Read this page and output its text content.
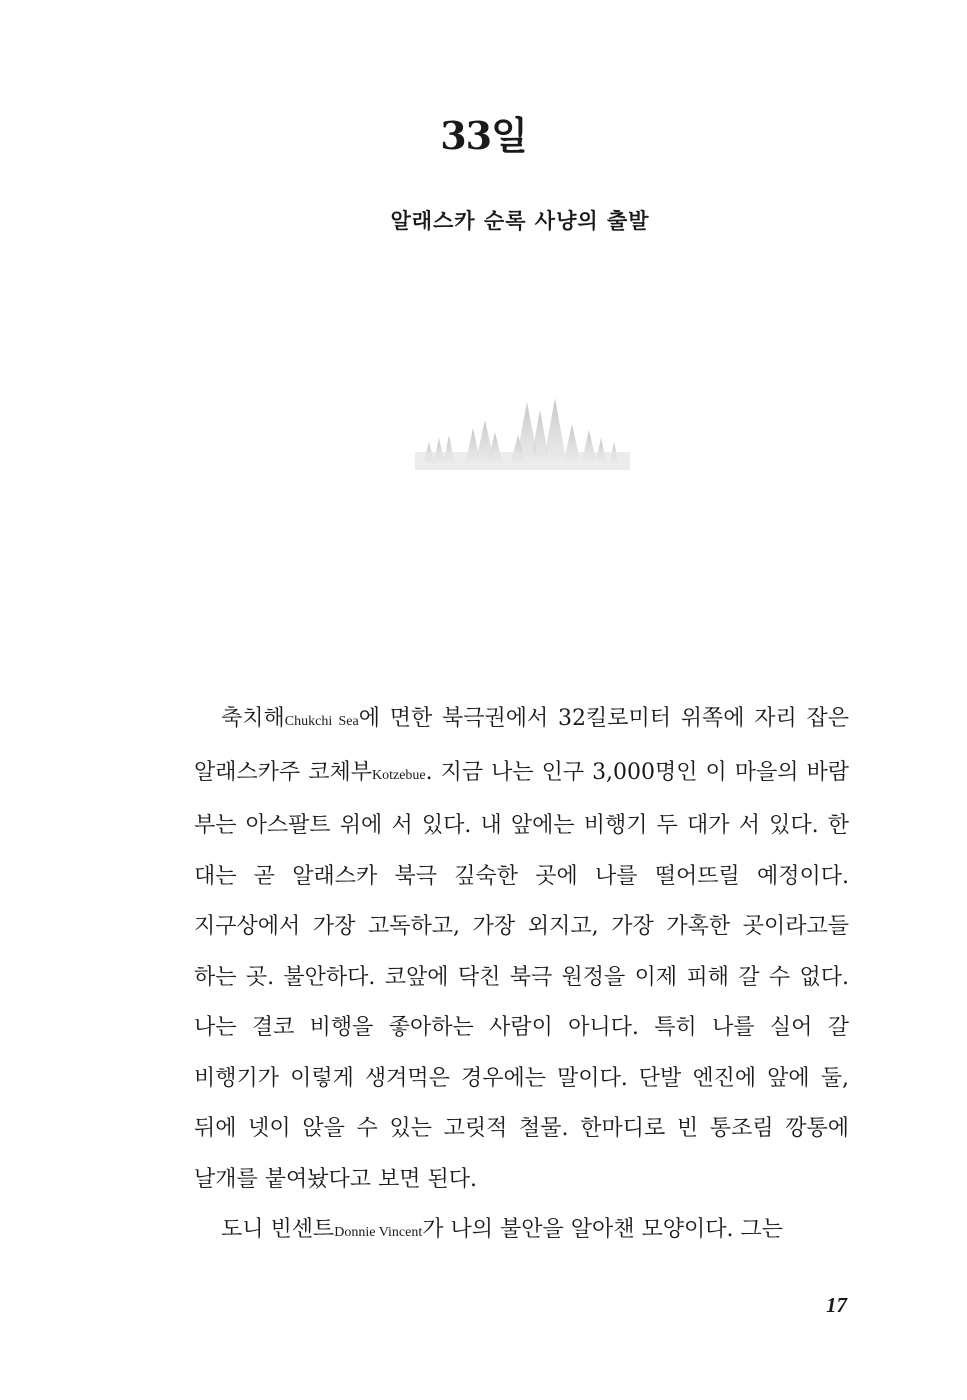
33일
알래스카 순록 사냥의 출발

축치해Chukchi Sea에 면한 북극권에서 32킬로미터 위쪽에 자리 잡은 알래스카주 코체부Kotzebue. 지금 나는 인구 3,000명인 이 마을의 바람 부는 아스팔트 위에 서 있다. 내 앞에는 비행기 두 대가 서 있다. 한 대는 곧 알래스카 북극 깊숙한 곳에 나를 떨어뜨릴 예정이다. 지구상에서 가장 고독하고, 가장 외지고, 가장 가혹한 곳이라고들 하는 곳. 불안하다. 코앞에 닥친 북극 원정을 이제 피해 갈 수 없다. 나는 결코 비행을 좋아하는 사람이 아니다. 특히 나를 실어 갈 비행기가 이렇게 생겨먹은 경우에는 말이다. 단발 엔진에 앞에 둘, 뒤에 넷이 앉을 수 있는 고릿적 철물. 한마디로 빈 통조림 깡통에 날개를 붙여놨다고 보면 된다.

도니 빈센트Donnie Vincent가 나의 불안을 알아챈 모양이다. 그는

17
